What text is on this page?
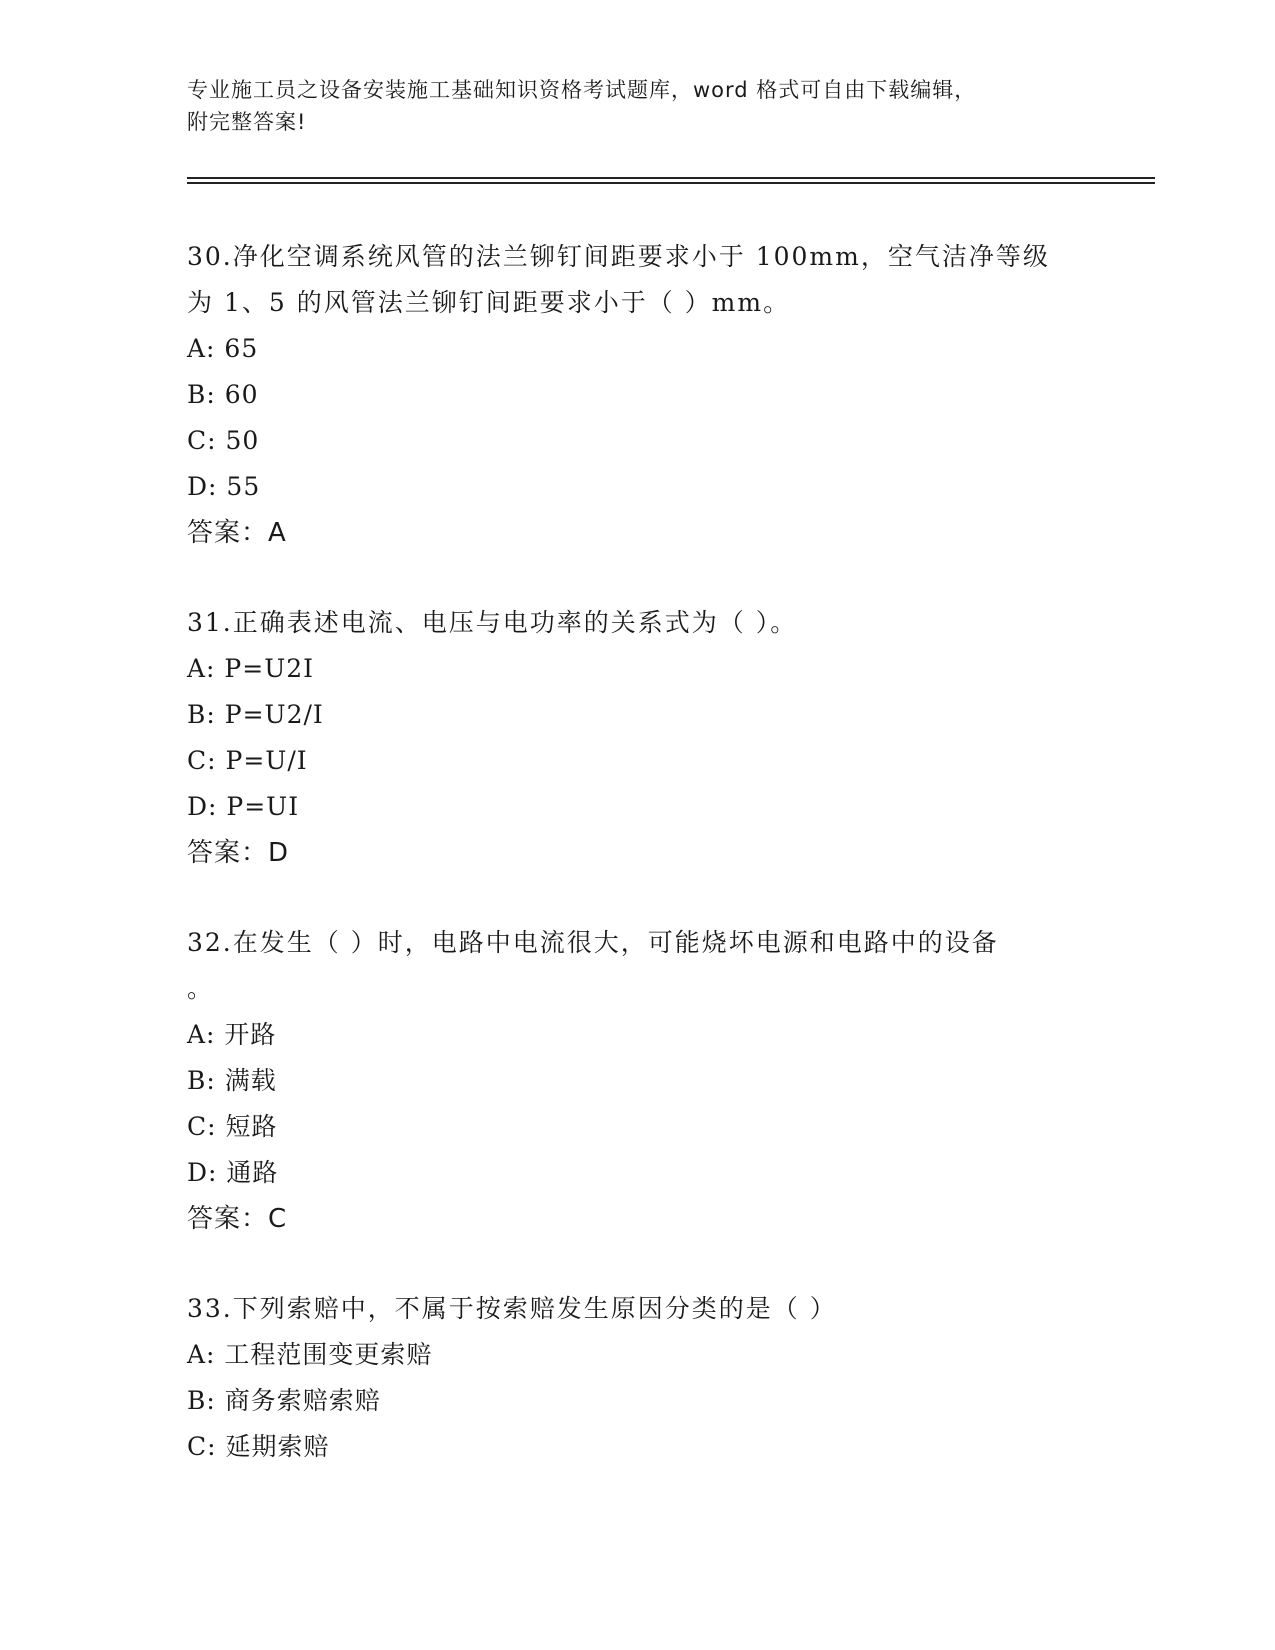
专业施工员之设备安装施工基础知识资格考试题库，word 格式可自由下载编辑，
附完整答案!

30.净化空调系统风管的法兰铆钉间距要求小于 100mm，空气洁净等级

为 1、5 的风管法兰铆钉间距要求小于（ ）mm。

A: 65

B: 60

C: 50

D: 55

答案：A

31.正确表述电流、电压与电功率的关系式为（ ）。

A: P=U2I

B: P=U2/I

C: P=U/I

D: P=UI

答案：D

32.在发生（ ）时，电路中电流很大，可能烧坏电源和电路中的设备

。

A: 开路

B: 满载

C: 短路

D: 通路

答案：C

33.下列索赔中，不属于按索赔发生原因分类的是（ ）

A: 工程范围变更索赔

B: 商务索赔索赔

C: 延期索赔
